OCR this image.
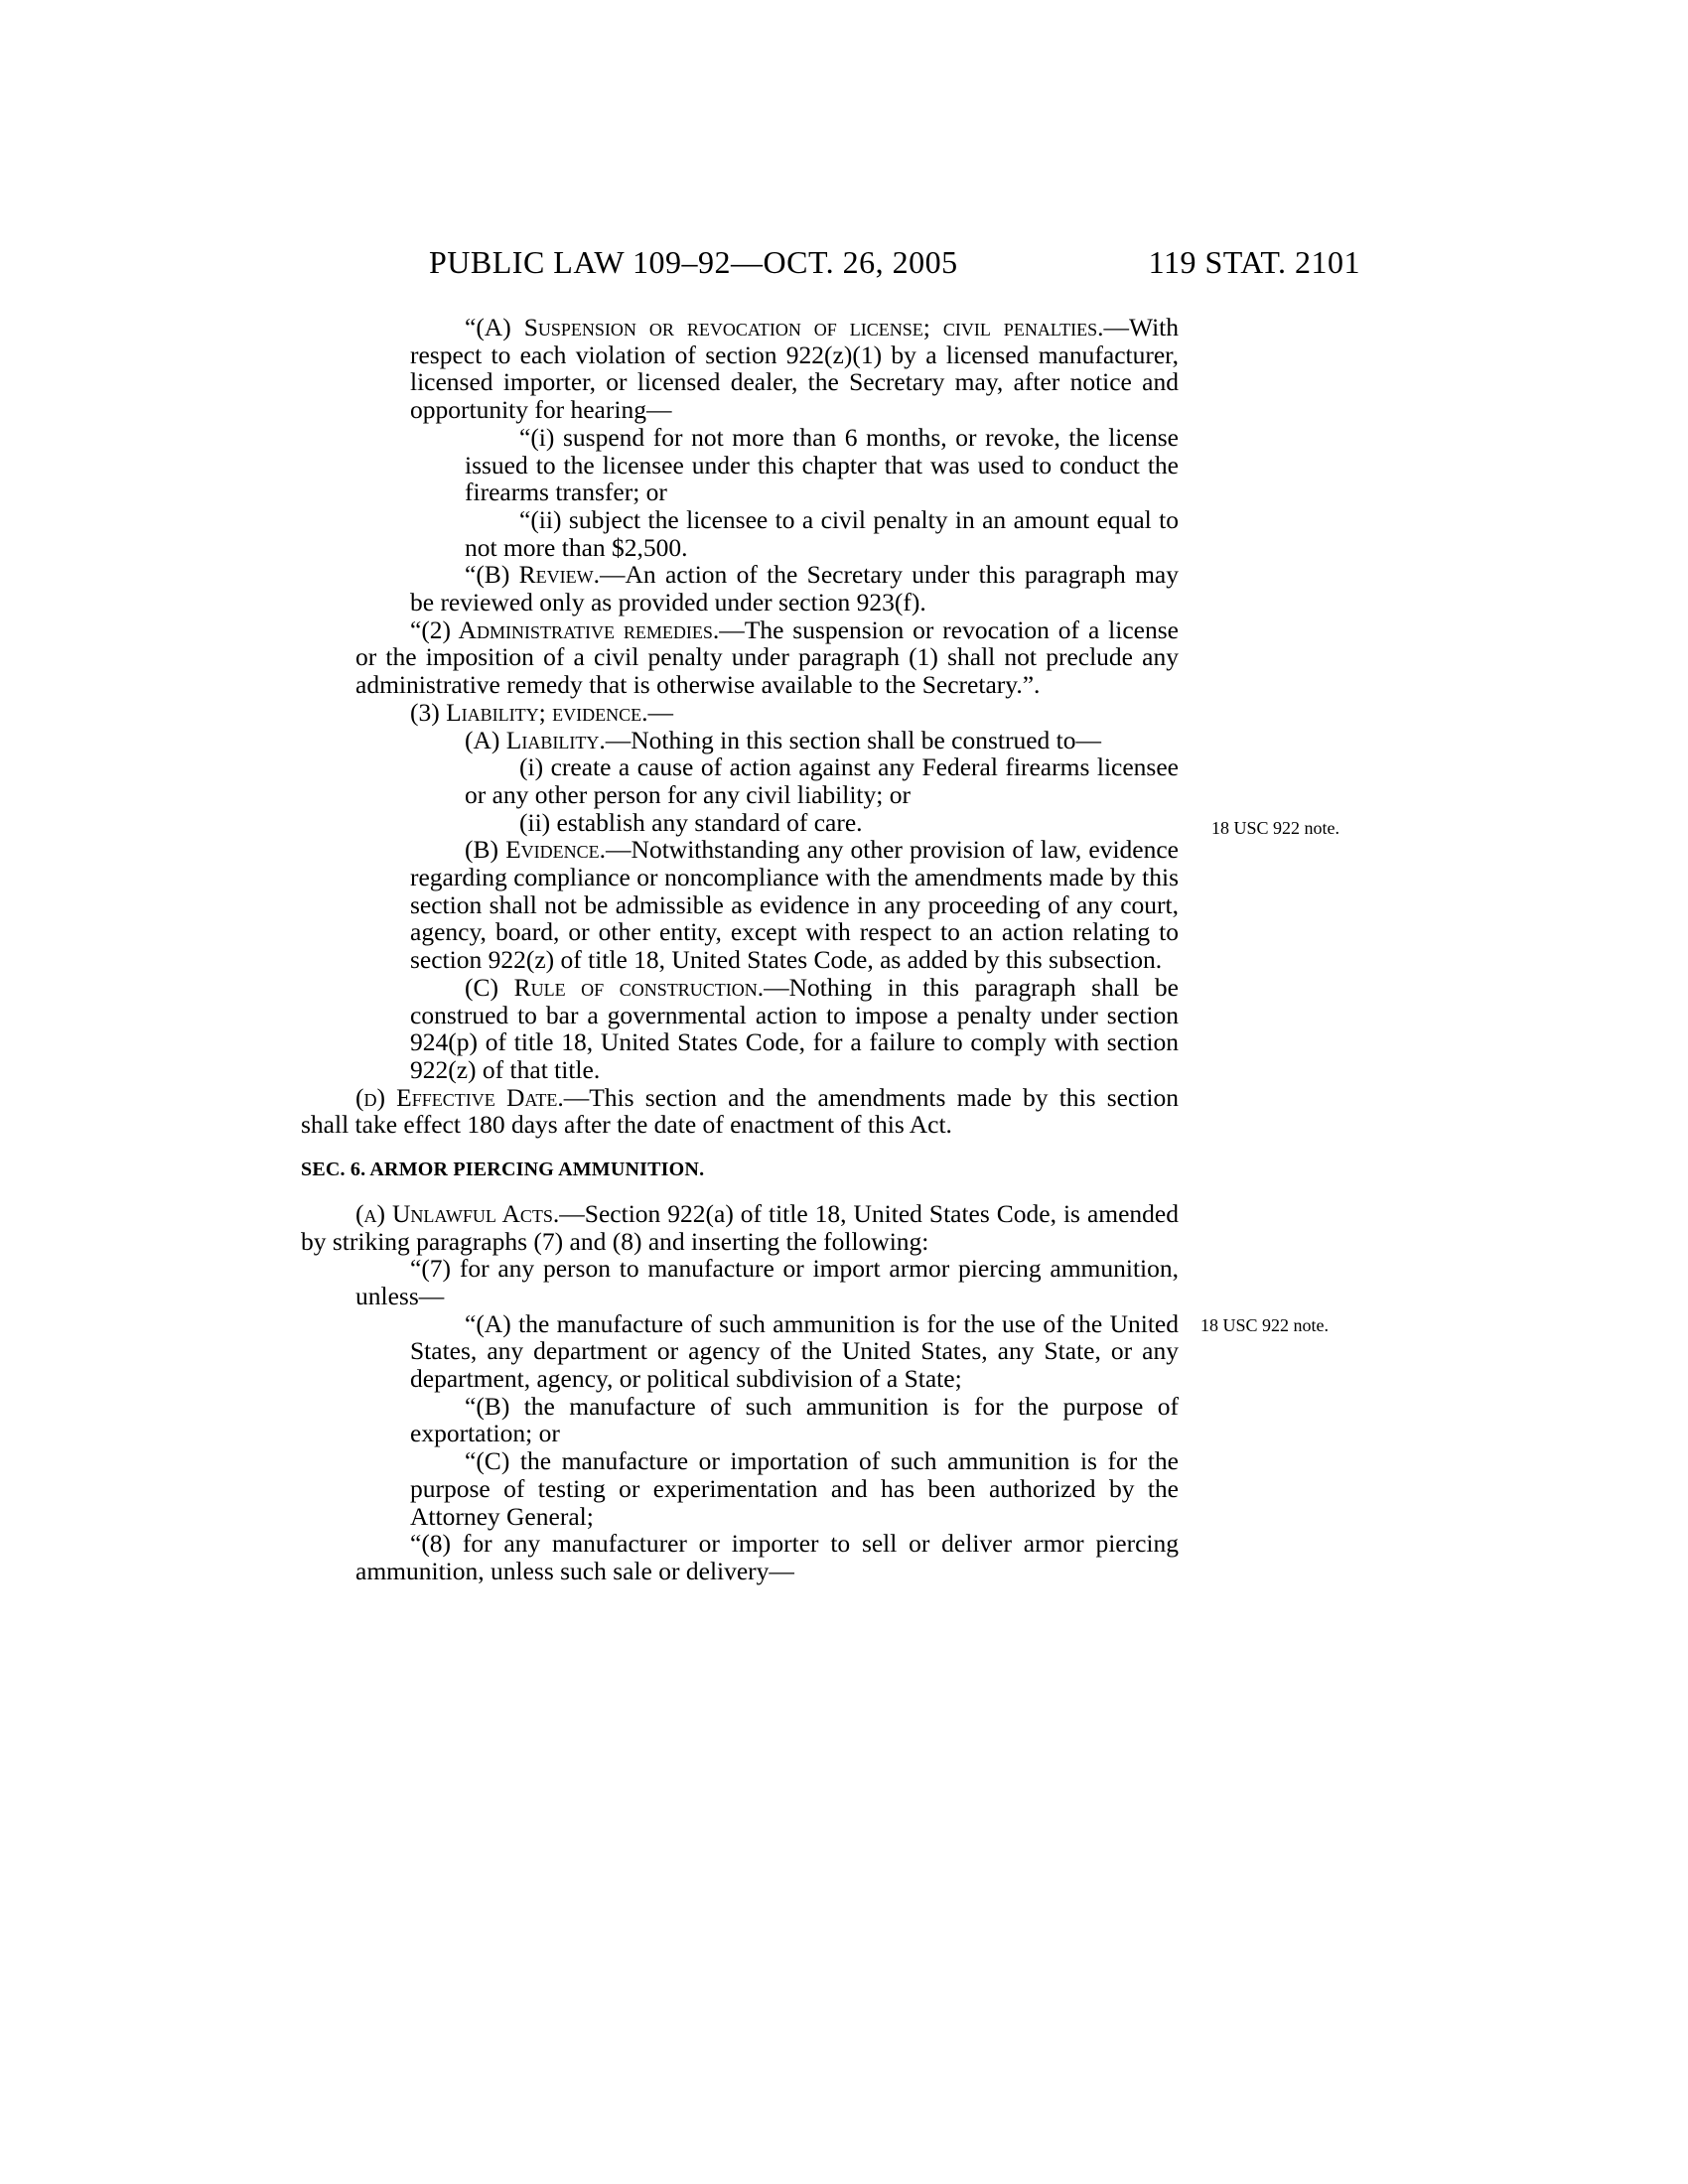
PUBLIC LAW 109–92—OCT. 26, 2005	119 STAT. 2101
18 USC 922 note.
18 USC 922 note.

“(A) Suspension or revocation of license; civil penalties.—With respect to each violation of section 922(z)(1) by a licensed manufacturer, licensed importer, or licensed dealer, the Secretary may, after notice and opportunity for hearing—

“(i) suspend for not more than 6 months, or revoke, the license issued to the licensee under this chapter that was used to conduct the firearms transfer; or

“(ii) subject the licensee to a civil penalty in an amount equal to not more than $2,500.

“(B) Review.—An action of the Secretary under this paragraph may be reviewed only as provided under section 923(f).

“(2) Administrative remedies.—The suspension or revocation of a license or the imposition of a civil penalty under paragraph (1) shall not preclude any administrative remedy that is otherwise available to the Secretary.”.

(3) Liability; evidence.—

(A) Liability.—Nothing in this section shall be construed to—

(i) create a cause of action against any Federal firearms licensee or any other person for any civil liability; or

(ii) establish any standard of care.

(B) Evidence.—Notwithstanding any other provision of law, evidence regarding compliance or noncompliance with the amendments made by this section shall not be admissible as evidence in any proceeding of any court, agency, board, or other entity, except with respect to an action relating to section 922(z) of title 18, United States Code, as added by this subsection.

(C) Rule of construction.—Nothing in this paragraph shall be construed to bar a governmental action to impose a penalty under section 924(p) of title 18, United States Code, for a failure to comply with section 922(z) of that title.

(d) Effective Date.—This section and the amendments made by this section shall take effect 180 days after the date of enactment of this Act.

SEC. 6. ARMOR PIERCING AMMUNITION.

(a) Unlawful Acts.—Section 922(a) of title 18, United States Code, is amended by striking paragraphs (7) and (8) and inserting the following:

“(7) for any person to manufacture or import armor piercing ammunition, unless—

“(A) the manufacture of such ammunition is for the use of the United States, any department or agency of the United States, any State, or any department, agency, or political subdivision of a State;

“(B) the manufacture of such ammunition is for the purpose of exportation; or

“(C) the manufacture or importation of such ammunition is for the purpose of testing or experimentation and has been authorized by the Attorney General;

“(8) for any manufacturer or importer to sell or deliver armor piercing ammunition, unless such sale or delivery—
